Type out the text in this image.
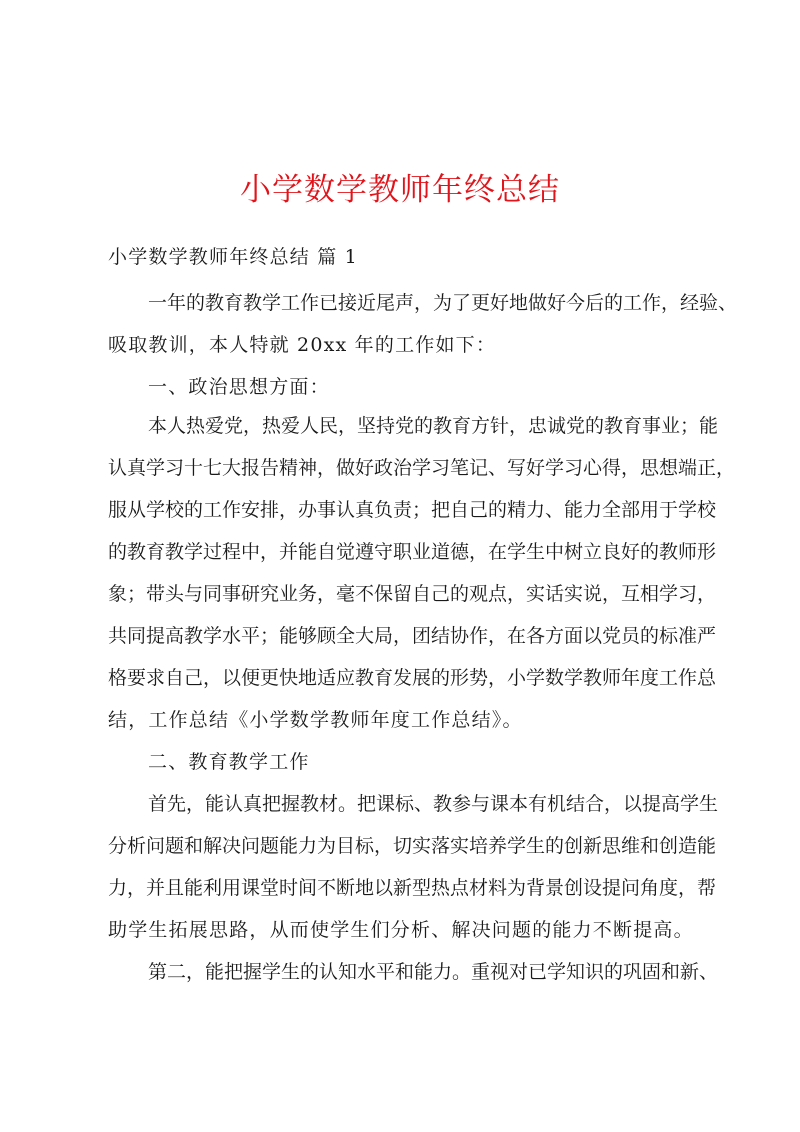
小学数学教师年终总结
小学数学教师年终总结 篇 1
一年的教育教学工作已接近尾声，为了更好地做好今后的工作，经验、
吸取教训，本人特就 20xx 年的工作如下：
一、政治思想方面：
本人热爱党，热爱人民，坚持党的教育方针，忠诚党的教育事业；能
认真学习十七大报告精神，做好政治学习笔记、写好学习心得，思想端正，
服从学校的工作安排，办事认真负责；把自己的精力、能力全部用于学校
的教育教学过程中，并能自觉遵守职业道德，在学生中树立良好的教师形
象；带头与同事研究业务，毫不保留自己的观点，实话实说，互相学习，
共同提高教学水平；能够顾全大局，团结协作，在各方面以党员的标准严
格要求自己，以便更快地适应教育发展的形势，小学数学教师年度工作总
结，工作总结《小学数学教师年度工作总结》。
二、教育教学工作
首先，能认真把握教材。把课标、教参与课本有机结合，以提高学生
分析问题和解决问题能力为目标，切实落实培养学生的创新思维和创造能
力，并且能利用课堂时间不断地以新型热点材料为背景创设提问角度，帮
助学生拓展思路，从而使学生们分析、解决问题的能力不断提高。
第二，能把握学生的认知水平和能力。重视对已学知识的巩固和新、
